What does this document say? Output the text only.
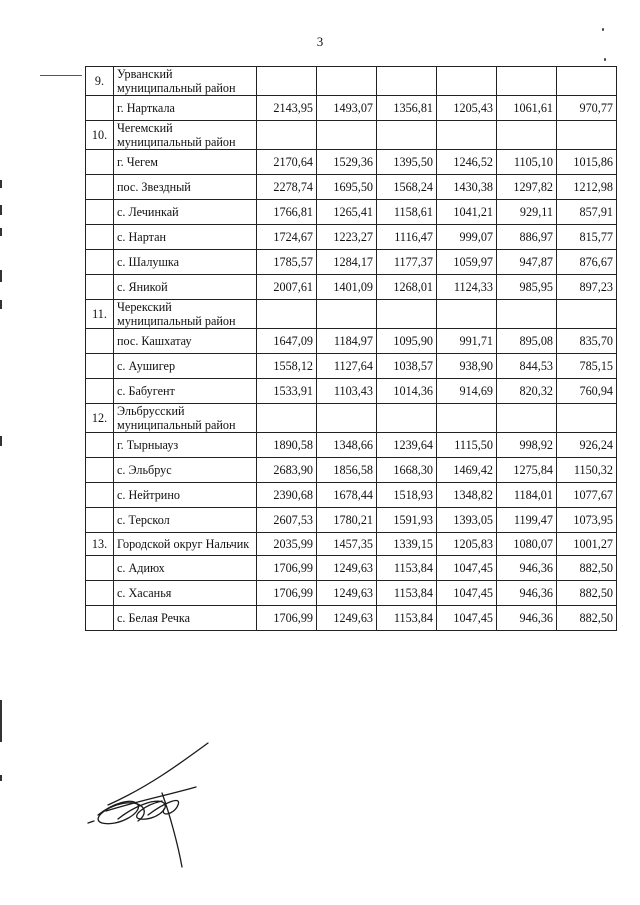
3
9.	Урванский муниципальный район						
	г. Нарткала	2143,95	1493,07	1356,81	1205,43	1061,61	970,77
10.	Чегемский муниципальный район						
	г. Чегем	2170,64	1529,36	1395,50	1246,52	1105,10	1015,86
	пос. Звездный	2278,74	1695,50	1568,24	1430,38	1297,82	1212,98
	с. Лечинкай	1766,81	1265,41	1158,61	1041,21	929,11	857,91
	с. Нартан	1724,67	1223,27	1116,47	999,07	886,97	815,77
	с. Шалушка	1785,57	1284,17	1177,37	1059,97	947,87	876,67
	с. Яникой	2007,61	1401,09	1268,01	1124,33	985,95	897,23
11.	Черекский муниципальный район						
	пос. Кашхатау	1647,09	1184,97	1095,90	991,71	895,08	835,70
	с. Аушигер	1558,12	1127,64	1038,57	938,90	844,53	785,15
	с. Бабугент	1533,91	1103,43	1014,36	914,69	820,32	760,94
12.	Эльбрусский муниципальный район						
	г. Тырныауз	1890,58	1348,66	1239,64	1115,50	998,92	926,24
	с. Эльбрус	2683,90	1856,58	1668,30	1469,42	1275,84	1150,32
	с. Нейтрино	2390,68	1678,44	1518,93	1348,82	1184,01	1077,67
	с. Терскол	2607,53	1780,21	1591,93	1393,05	1199,47	1073,95
13.	Городской округ Нальчик	2035,99	1457,35	1339,15	1205,83	1080,07	1001,27
	с. Адиюх	1706,99	1249,63	1153,84	1047,45	946,36	882,50
	с. Хасанья	1706,99	1249,63	1153,84	1047,45	946,36	882,50
	с. Белая Речка	1706,99	1249,63	1153,84	1047,45	946,36	882,50
